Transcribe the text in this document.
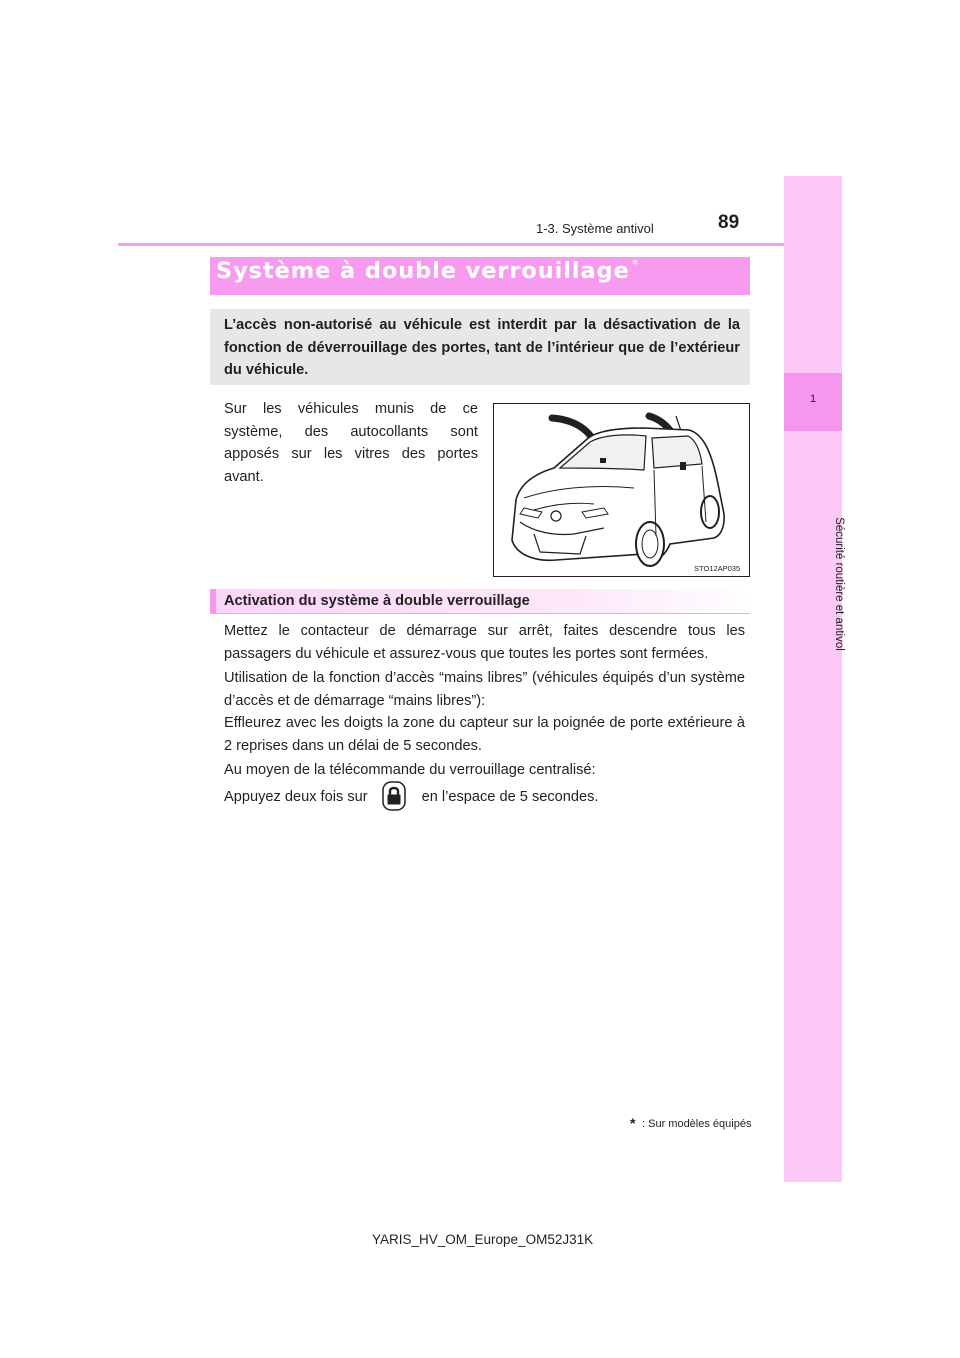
1-3. Système antivol	89
1
Sécurité routière et antivol
Système à double verrouillage *
L’accès non-autorisé au véhicule est interdit par la désactivation de la fonction de déverrouillage des portes, tant de l’intérieur que de l’extérieur du véhicule.
Sur les véhicules munis de ce système, des autocollants sont apposés sur les vitres des portes avant.
STO12AP035
Activation du système à double verrouillage
Mettez le contacteur de démarrage sur arrêt, faites descendre tous les passagers du véhicule et assurez-vous que toutes les portes sont fermées.
Utilisation de la fonction d’accès “mains libres” (véhicules équipés d’un système d’accès et de démarrage “mains libres”):
Effleurez avec les doigts la zone du capteur sur la poignée de porte extérieure à 2 reprises dans un délai de 5 secondes.
Au moyen de la télécommande du verrouillage centralisé:
Appuyez deux fois sur	en l’espace de 5 secondes.
* : Sur modèles équipés
YARIS_HV_OM_Europe_OM52J31K
